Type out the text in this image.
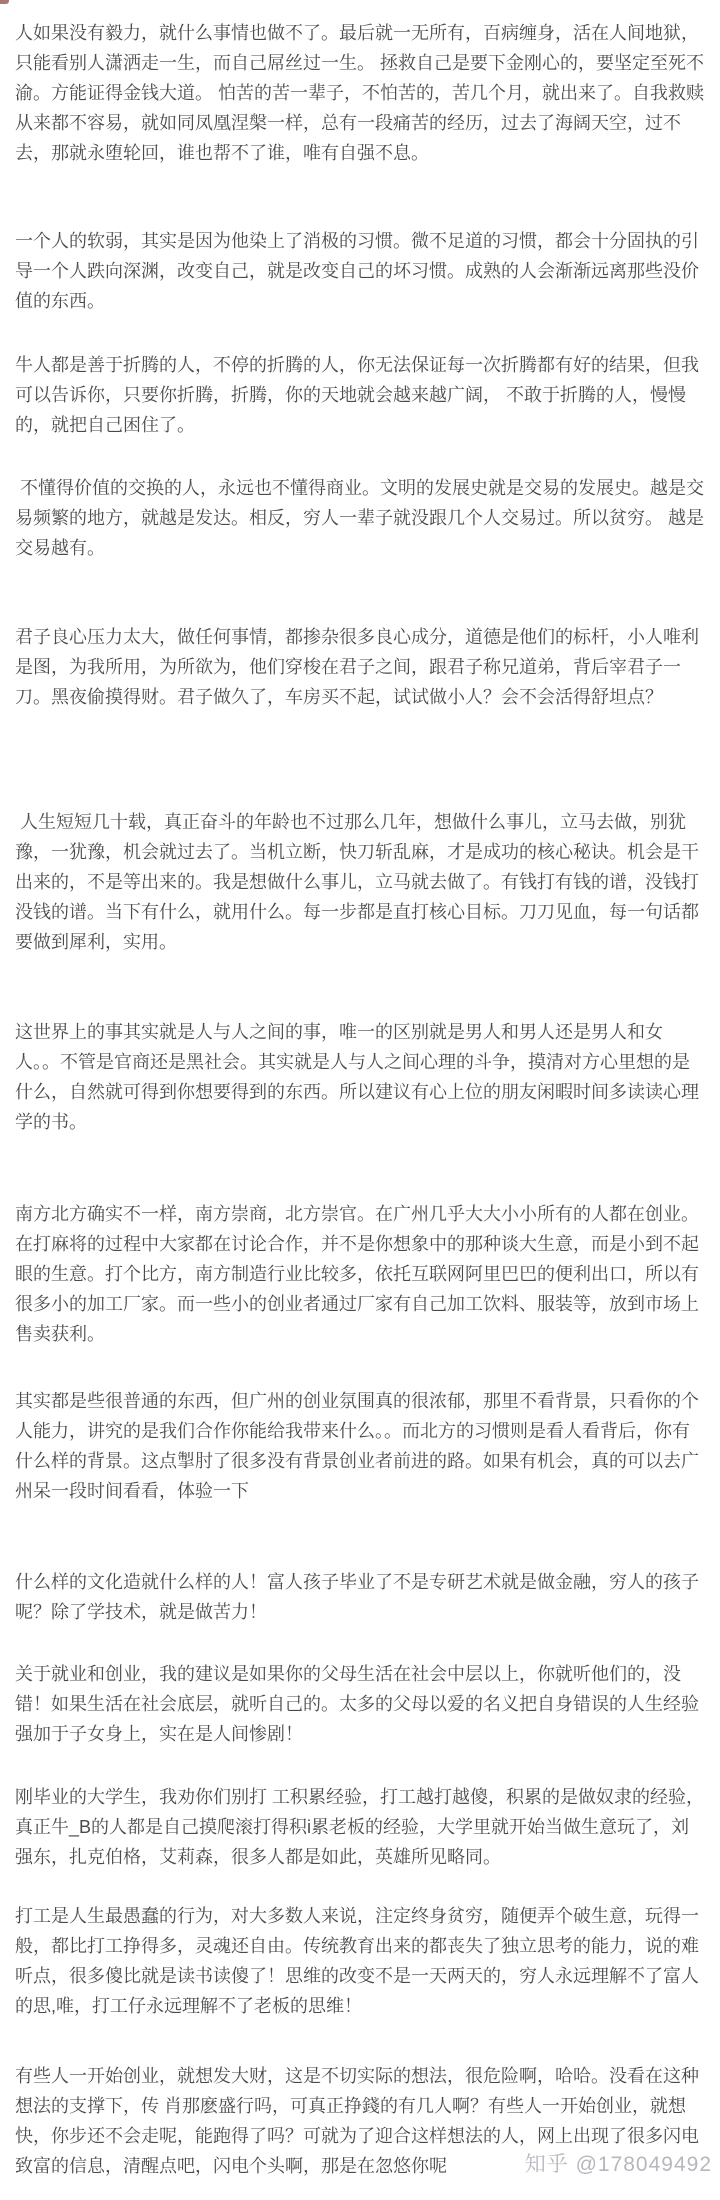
人如果没有毅力，就什么事情也做不了。最后就一无所有，百病缠身，活在人间地狱，只能看别人潇洒走一生，而自己屌丝过一生。 拯救自己是要下金刚心的，要坚定至死不渝。方能证得金钱大道。 怕苦的苦一辈子，不怕苦的，苦几个月，就出来了。自我救赎从来都不容易，就如同凤凰涅槃一样，总有一段痛苦的经历，过去了海阔天空，过不去，那就永堕轮回，谁也帮不了谁，唯有自强不息。

一个人的软弱，其实是因为他染上了消极的习惯。微不足道的习惯，都会十分固执的引导一个人跌向深渊，改变自己，就是改变自己的坏习惯。成熟的人会渐渐远离那些没价值的东西。

牛人都是善于折腾的人，不停的折腾的人，你无法保证每一次折腾都有好的结果，但我可以告诉你，只要你折腾，折腾，你的天地就会越来越广阔， 不敢于折腾的人，慢慢的，就把自己困住了。

不懂得价值的交换的人，永远也不懂得商业。文明的发展史就是交易的发展史。越是交易频繁的地方，就越是发达。相反，穷人一辈子就没跟几个人交易过。所以贫穷。 越是交易越有。

君子良心压力太大，做任何事情，都掺杂很多良心成分，道德是他们的标杆，小人唯利是图，为我所用，为所欲为，他们穿梭在君子之间，跟君子称兄道弟，背后宰君子一刀。黑夜偷摸得财。君子做久了，车房买不起，试试做小人？会不会活得舒坦点？

人生短短几十载，真正奋斗的年龄也不过那么几年，想做什么事儿，立马去做，别犹豫，一犹豫，机会就过去了。当机立断，快刀斩乱麻，才是成功的核心秘诀。机会是干出来的，不是等出来的。我是想做什么事儿，立马就去做了。有钱打有钱的谱，没钱打没钱的谱。当下有什么，就用什么。每一步都是直打核心目标。刀刀见血，每一句话都要做到犀利，实用。

这世界上的事其实就是人与人之间的事，唯一的区别就是男人和男人还是男人和女人。。不管是官商还是黑社会。其实就是人与人之间心理的斗争，摸清对方心里想的是什么，自然就可得到你想要得到的东西。所以建议有心上位的朋友闲暇时间多读读心理学的书。

南方北方确实不一样，南方崇商，北方崇官。在广州几乎大大小小所有的人都在创业。在打麻将的过程中大家都在讨论合作，并不是你想象中的那种谈大生意，而是小到不起眼的生意。打个比方，南方制造行业比较多，依托互联网阿里巴巴的便利出口，所以有很多小的加工厂家。而一些小的创业者通过厂家有自己加工饮料、服装等，放到市场上售卖获利。

其实都是些很普通的东西，但广州的创业氛围真的很浓郁，那里不看背景，只看你的个人能力，讲究的是我们合作你能给我带来什么。。而北方的习惯则是看人看背后，你有什么样的背景。这点掣肘了很多没有背景创业者前进的路。如果有机会，真的可以去广州呆一段时间看看，体验一下

什么样的文化造就什么样的人！富人孩子毕业了不是专研艺术就是做金融，穷人的孩子呢？除了学技术，就是做苦力！

关于就业和创业，我的建议是如果你的父母生活在社会中层以上，你就听他们的，没错！如果生活在社会底层，就听自己的。太多的父母以爱的名义把自身错误的人生经验强加于子女身上，实在是人间惨剧！

刚毕业的大学生，我劝你们别打 工积累经验，打工越打越傻，积累的是做奴隶的经验，真正牛_B的人都是自己摸爬滚打得积i累老板的经验，大学里就开始当做生意玩了，刘强东，扎克伯格，艾莉森，很多人都是如此，英雄所见略同。

打工是人生最愚蠢的行为，对大多数人来说，注定终身贫穷，随便弄个破生意，玩得一般，都比打工挣得多，灵魂还自由。传统教育出来的都丧失了独立思考的能力，说的难听点，很多傻比就是读书读傻了！思维的改变不是一天两天的，穷人永远理解不了富人的思,唯，打工仔永远理解不了老板的思维！

有些人一开始创业，就想发大财，这是不切实际的想法，很危险啊，哈哈。没看在这种想法的支撑下，传 肖那麽盛行吗，可真正挣錢的有几人啊？有些人一开始创业，就想快，你步还不会走呢，能跑得了吗？可就为了迎合这样想法的人，网上出现了很多闪电致富的信息，清醒点吧，闪电个头啊，那是在忽悠你呢	知乎 @178049492
